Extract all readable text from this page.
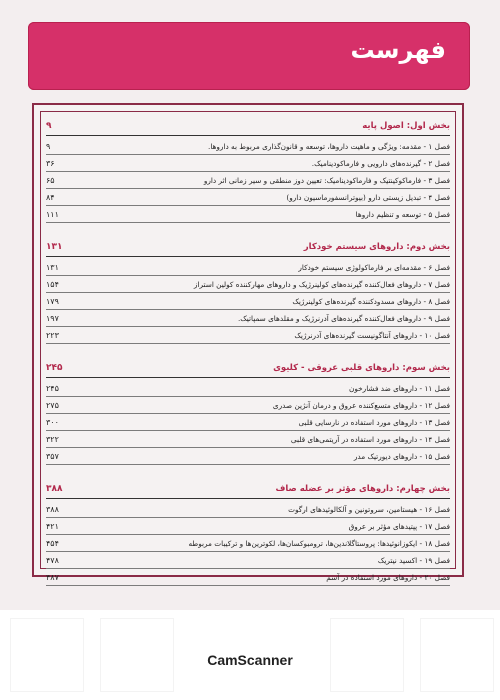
فهرست
بخش اول: اصول پایه
۹
فصل ۱ - مقدمه: ویژگی و ماهیت داروها، توسعه و قانون‌گذاری مربوط به داروها.
۹
فصل ۲ - گیرنده‌های دارویی و فارماکودینامیک.
۳۶
فصل ۳ - فارماکوکینتیک و فارماکودینامیک: تعیین دوز منطقی و سیر زمانی اثر دارو
۶۵
فصل ۴ - تبدیل زیستی دارو (بیوترانسفورماسیون دارو)
۸۴
فصل ۵ - توسعه و تنظیم داروها
۱۱۱
بخش دوم: داروهای سیستم خودکار
۱۳۱
فصل ۶ - مقدمه‌ای بر فارماکولوژی سیستم خودکار
۱۳۱
فصل ۷ - داروهای فعال‌کننده گیرنده‌های کولینرژیک و داروهای مهارکننده کولین استراز
۱۵۴
فصل ۸ - داروهای مسدودکننده گیرنده‌های کولینرژیک
۱۷۹
فصل ۹ - داروهای فعال‌کننده گیرنده‌های آدرنرژیک و مقلدهای سمپاتیک.
۱۹۷
فصل ۱۰ - داروهای آنتاگونیست گیرنده‌های آدرنرژیک
۲۲۳
بخش سوم: داروهای قلبی عروقی - کلیوی
۲۴۵
فصل ۱۱ - داروهای ضد فشارخون
۲۴۵
فصل ۱۲ - داروهای متسع‌کننده عروق و درمان آنژین صدری
۲۷۵
فصل ۱۳ - داروهای مورد استفاده در نارسایی قلبی
۳۰۰
فصل ۱۴ - داروهای مورد استفاده در آریتمی‌های قلبی
۳۲۲
فصل ۱۵ - داروهای دیورتیک مدر
۳۵۷
بخش چهارم: داروهای مؤثر بر عضله صاف
۳۸۸
فصل ۱۶ - هیستامین، سروتونین و آلکالوئیدهای ارگوت
۳۸۸
فصل ۱۷ - پپتیدهای مؤثر بر عروق
۴۲۱
فصل ۱۸ - ایکوزانوئیدها: پروستاگلاندین‌ها، ترومبوکسان‌ها، لکوترین‌ها و ترکیبات مربوطه
۴۵۴
فصل ۱۹ - اکسید نیتریک
۴۷۸
فصل ۲۰ - داروهای مورد استفاده در آسم
۴۸۷
CamScanner
